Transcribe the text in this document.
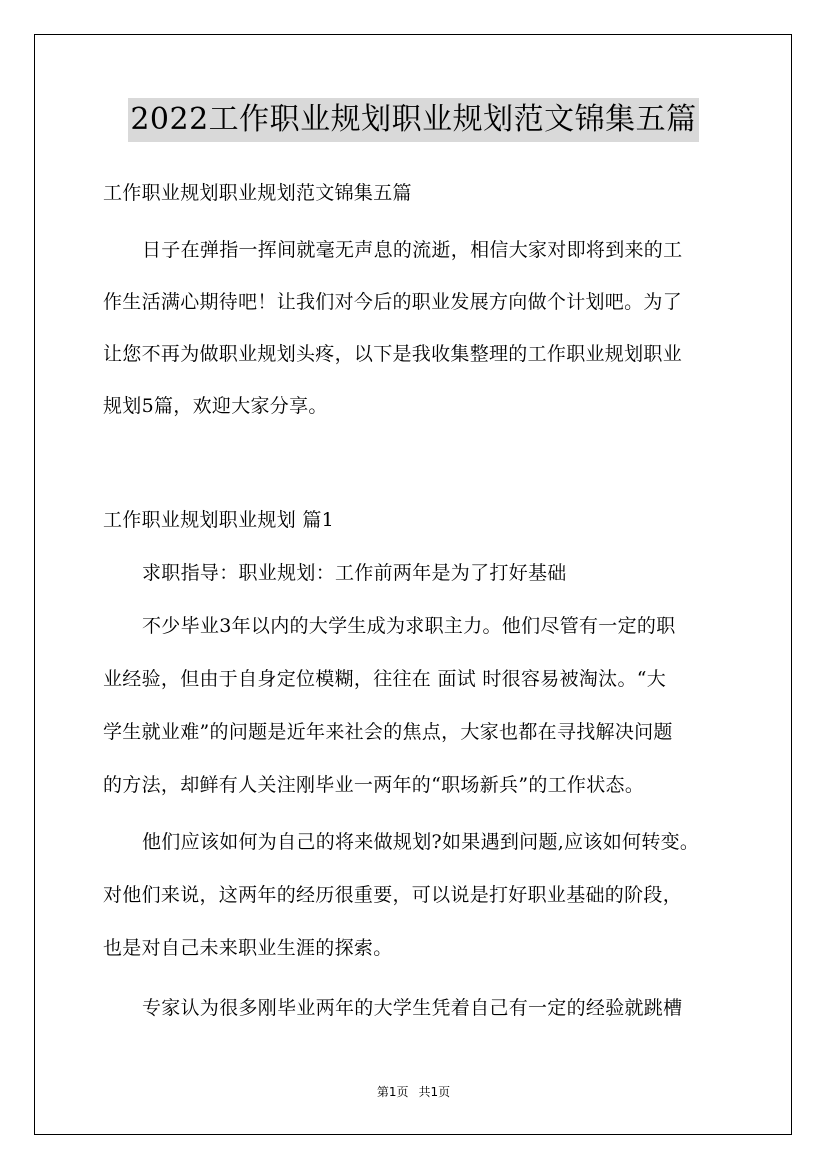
2022工作职业规划职业规划范文锦集五篇
工作职业规划职业规划范文锦集五篇
日子在弹指一挥间就毫无声息的流逝，相信大家对即将到来的工
作生活满心期待吧！让我们对今后的职业发展方向做个计划吧。为了
让您不再为做职业规划头疼，以下是我收集整理的工作职业规划职业
规划5篇，欢迎大家分享。
工作职业规划职业规划 篇1
求职指导：职业规划：工作前两年是为了打好基础
不少毕业3年以内的大学生成为求职主力。他们尽管有一定的职
业经验，但由于自身定位模糊，往往在 面试 时很容易被淘汰。“大
学生就业难”的问题是近年来社会的焦点，大家也都在寻找解决问题
的方法，却鲜有人关注刚毕业一两年的“职场新兵”的工作状态。
他们应该如何为自己的将来做规划?如果遇到问题,应该如何转变。
对他们来说，这两年的经历很重要，可以说是打好职业基础的阶段，
也是对自己未来职业生涯的探索。
专家认为很多刚毕业两年的大学生凭着自己有一定的经验就跳槽
第1页 共1页
